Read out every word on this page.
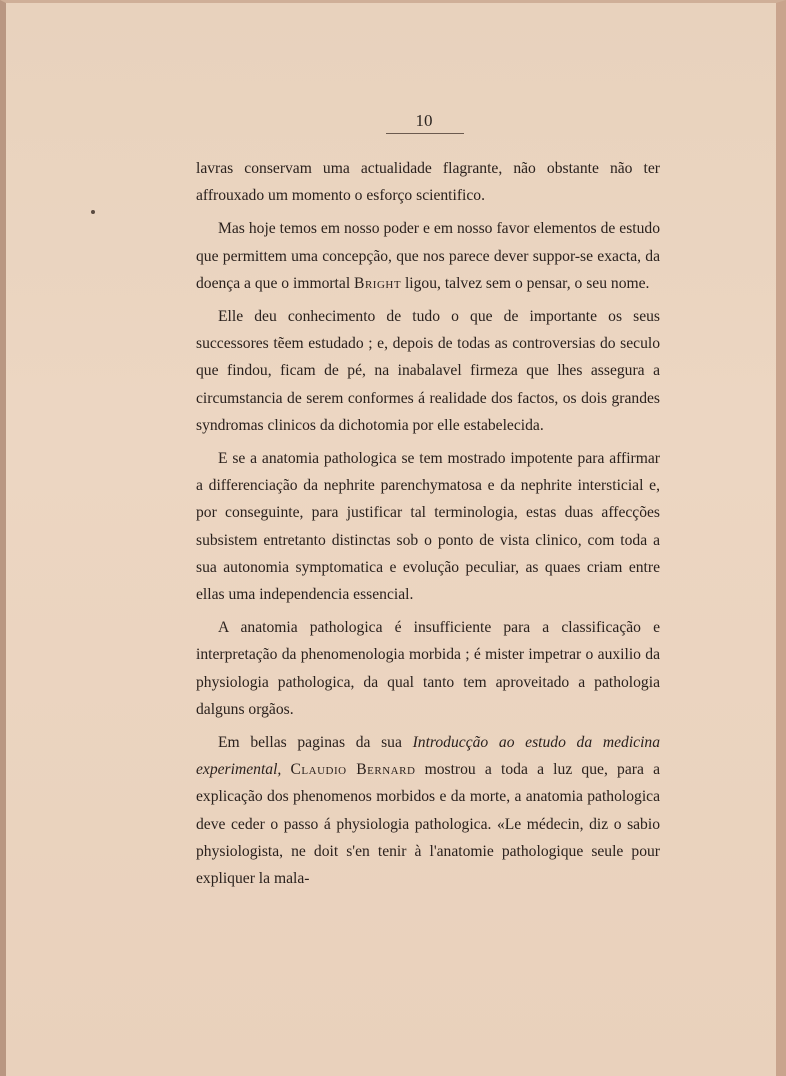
10

lavras conservam uma actualidade flagrante, não obstante não ter affrouxado um momento o esforço scientifico.

Mas hoje temos em nosso poder e em nosso favor elementos de estudo que permittem uma concepção, que nos parece dever suppor-se exacta, da doença a que o immortal Bright ligou, talvez sem o pensar, o seu nome.

Elle deu conhecimento de tudo o que de importante os seus successores tẽem estudado ; e, depois de todas as controversias do seculo que findou, ficam de pé, na inabalavel firmeza que lhes assegura a circumstancia de serem conformes á realidade dos factos, os dois grandes syndromas clinicos da dichotomia por elle estabelecida.

E se a anatomia pathologica se tem mostrado impotente para affirmar a differenciação da nephrite parenchymatosa e da nephrite intersticial e, por conseguinte, para justificar tal terminologia, estas duas affecções subsistem entretanto distinctas sob o ponto de vista clinico, com toda a sua autonomia symptomatica e evolução peculiar, as quaes criam entre ellas uma independencia essencial.

A anatomia pathologica é insufficiente para a classificação e interpretação da phenomenologia morbida ; é mister impetrar o auxilio da physiologia pathologica, da qual tanto tem aproveitado a pathologia dalguns orgãos.

Em bellas paginas da sua Introducção ao estudo da medicina experimental, Claudio Bernard mostrou a toda a luz que, para a explicação dos phenomenos morbidos e da morte, a anatomia pathologica deve ceder o passo á physiologia pathologica. «Le médecin, diz o sabio physiologista, ne doit s'en tenir à l'anatomie pathologique seule pour expliquer la mala-
